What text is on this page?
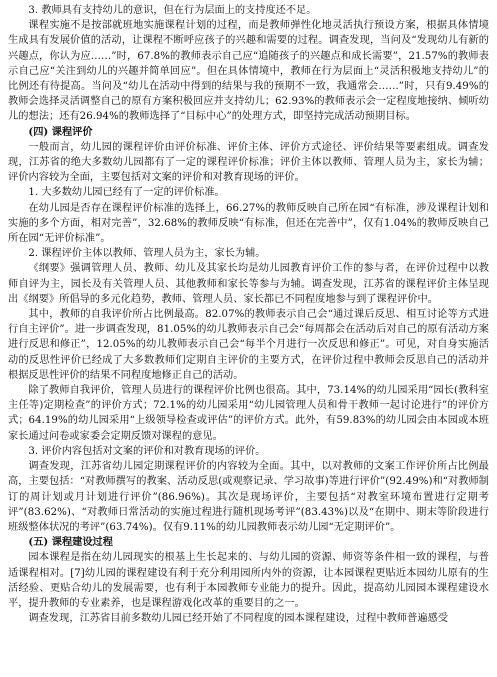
3. 教师具有支持幼儿的意识，但在行为层面上的支持度还不足。

课程实施不是按部就班地实施课程计划的过程，而是教师弹性化地灵活执行预设方案，根据具体情境生成具有发展价值的活动，让课程不断呼应孩子的兴趣和需要的过程。调查发现，当问及“发现幼儿有新的兴趣点，你认为应……”时，67.8%的教师表示自己应“追随孩子的兴趣点和成长需要”，21.57%的教师表示自己应“关注到幼儿的兴趣并简单回应”。但在具体情境中，教师在行为层面上“灵活积极地支持幼儿”的比例还有待提高。当问及“幼儿在活动中得到的结果与我的预期不一致，我通常会……”时，只有9.49%的教师会选择灵活调整自己的原有方案积极回应并支持幼儿；62.93%的教师表示会一定程度地接纳、倾听幼儿的想法；还有26.94%的教师选择了“目标中心”的处理方式，即坚持完成活动预期目标。

(四) 课程评价

一般而言，幼儿园的课程评价由评价标准、评价主体、评价方式途径、评价结果等要素组成。调查发现，江苏省的绝大多数幼儿园都有了一定的课程评价标准；评价主体以教师、管理人员为主，家长为辅；评价内容较为全面，主要包括对文案的评价和对教育现场的评价。

1. 大多数幼儿园已经有了一定的评价标准。

在幼儿园是否存在课程评价标准的选择上，66.27%的教师反映自己所在园“有标准，涉及课程计划和实施的多个方面，相对完善”，32.68%的教师反映“有标准，但还在完善中”，仅有1.04%的教师反映自己所在园“无评价标准”。

2. 课程评价主体以教师、管理人员为主，家长为辅。

《纲要》强调管理人员、教师、幼儿及其家长均是幼儿园教育评价工作的参与者，在评价过程中以教师自评为主，园长及有关管理人员、其他教师和家长等参与为辅。调查发现，江苏省的课程评价主体呈现出《纲要》所倡导的多元化趋势，教师、管理人员、家长都已不同程度地参与到了课程评价中。

其中，教师的自我评价所占比例最高。82.07%的教师表示自己会“通过课后反思、相互讨论等方式进行自主评价”。进一步调查发现，81.05%的幼儿教师表示自己会“每周都会在活动后对自己的原有活动方案进行反思和修正”，12.05%的幼儿教师表示自己会“每半个月进行一次反思和修正”。可见，对自身实施活动的反思性评价已经成了大多数教师们定期自主评价的主要方式，在评价过程中教师会反思自己的活动并根据反思性评价的结果不同程度地修正自己的活动。

除了教师自我评价，管理人员进行的课程评价比例也很高。其中，73.14%的幼儿园采用“园长(教科室主任等)定期检查”的评价方式；72.1%的幼儿园采用“幼儿园管理人员和骨干教师一起讨论进行”的评价方式；64.19%的幼儿园采用“上级领导检查或评估”的评价方式。此外，有59.83%的幼儿园会由本园或本班家长通过问卷或家委会定期反馈对课程的意见。

3. 评价内容包括对文案的评价和对教育现场的评价。

调查发现，江苏省幼儿园定期课程评价的内容较为全面。其中，以对教师的文案工作评价所占比例最高，主要包括：“对教师撰写的教案、活动反思(或观察记录、学习故事)等进行评价”(92.49%)和“对教师制订的周计划或月计划进行评价”(86.96%)。其次是现场评价，主要包括“对教室环境布置进行定期考评”(83.62%)、“对教师日常活动的实施过程进行随机现场考评”(83.43%)以及“在期中、期末等阶段进行班级整体状况的考评”(63.74%)。仅有9.11%的幼儿园教师表示幼儿园“无定期评价”。

(五) 课程建设过程

园本课程是指在幼儿园现实的根基上生长起来的、与幼儿园的资源、师资等条件相一致的课程，与普适课程相对。[7]幼儿园的课程建设有利于充分利用园所内外的资源，让本园课程更贴近本园幼儿原有的生活经验、更贴合幼儿的发展需要，也有利于本园教师专业能力的提升。因此，提高幼儿园园本课程建设水平，提升教师的专业素养，也是课程游戏化改革的重要目的之一。

调查发现，江苏省目前多数幼儿园已经开始了不同程度的园本课程建设，过程中教师普遍感受
